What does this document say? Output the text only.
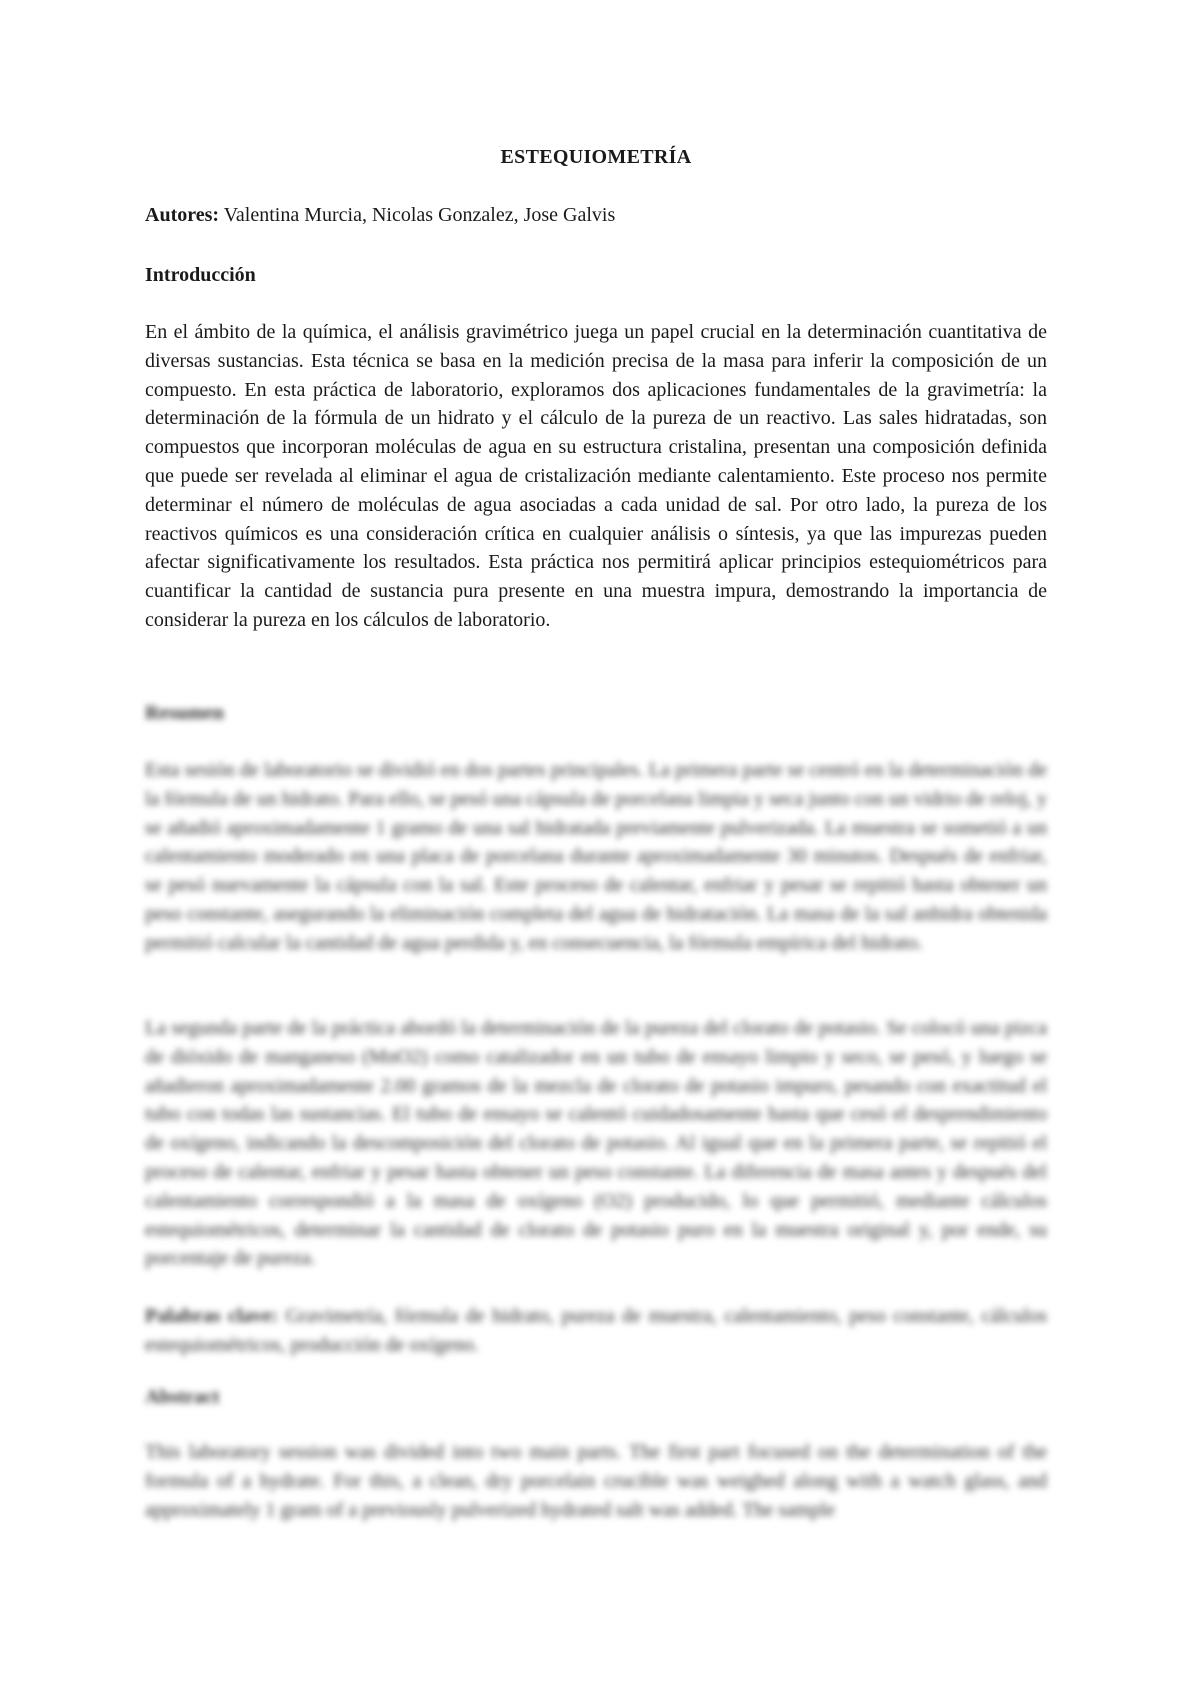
ESTEQUIOMETRÍA
Autores: Valentina Murcia, Nicolas Gonzalez, Jose Galvis
Introducción
En el ámbito de la química, el análisis gravimétrico juega un papel crucial en la determinación cuantitativa de diversas sustancias. Esta técnica se basa en la medición precisa de la masa para inferir la composición de un compuesto. En esta práctica de laboratorio, exploramos dos aplicaciones fundamentales de la gravimetría: la determinación de la fórmula de un hidrato y el cálculo de la pureza de un reactivo. Las sales hidratadas, son compuestos que incorporan moléculas de agua en su estructura cristalina, presentan una composición definida que puede ser revelada al eliminar el agua de cristalización mediante calentamiento. Este proceso nos permite determinar el número de moléculas de agua asociadas a cada unidad de sal. Por otro lado, la pureza de los reactivos químicos es una consideración crítica en cualquier análisis o síntesis, ya que las impurezas pueden afectar significativamente los resultados. Esta práctica nos permitirá aplicar principios estequiométricos para cuantificar la cantidad de sustancia pura presente en una muestra impura, demostrando la importancia de considerar la pureza en los cálculos de laboratorio.
Resumen
Esta sesión de laboratorio se dividió en dos partes principales. La primera parte se centró en la determinación de la fórmula de un hidrato. Para ello, se pesó una cápsula de porcelana limpia y seca junto con un vidrio de reloj, y se añadió aproximadamente 1 gramo de una sal hidratada previamente pulverizada. La muestra se sometió a un calentamiento moderado en una placa de porcelana durante aproximadamente 30 minutos. Después de enfriar, se pesó nuevamente la cápsula con la sal. Este proceso de calentar, enfriar y pesar se repitió hasta obtener un peso constante, asegurando la eliminación completa del agua de hidratación. La masa de la sal anhidra obtenida permitió calcular la cantidad de agua perdida y, en consecuencia, la fórmula empírica del hidrato.
La segunda parte de la práctica abordó la determinación de la pureza del clorato de potasio. Se colocó una pizca de dióxido de manganeso (MnO2) como catalizador en un tubo de ensayo limpio y seco, se pesó, y luego se añadieron aproximadamente 2.00 gramos de la mezcla de clorato de potasio impuro, pesando con exactitud el tubo con todas las sustancias. El tubo de ensayo se calentó cuidadosamente hasta que cesó el desprendimiento de oxígeno, indicando la descomposición del clorato de potasio. Al igual que en la primera parte, se repitió el proceso de calentar, enfriar y pesar hasta obtener un peso constante. La diferencia de masa antes y después del calentamiento correspondió a la masa de oxígeno (O2) producido, lo que permitió, mediante cálculos estequiométricos, determinar la cantidad de clorato de potasio puro en la muestra original y, por ende, su porcentaje de pureza.
Palabras clave: Gravimetría, fórmula de hidrato, pureza de muestra, calentamiento, peso constante, cálculos estequiométricos, producción de oxígeno.
Abstract
This laboratory session was divided into two main parts. The first part focused on the determination of the formula of a hydrate. For this, a clean, dry porcelain crucible was weighed along with a watch glass, and approximately 1 gram of a previously pulverized hydrated salt was added. The sample
